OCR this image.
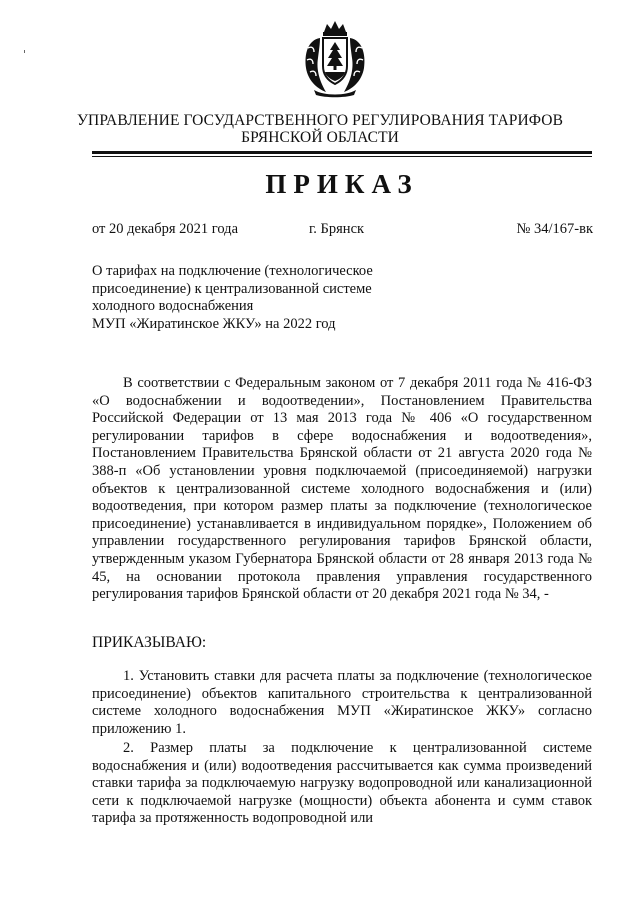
УПРАВЛЕНИЕ ГОСУДАРСТВЕННОГО РЕГУЛИРОВАНИЯ ТАРИФОВ
БРЯНСКОЙ ОБЛАСТИ
ПРИКАЗ
от 20 декабря 2021 года	г. Брянск	№ 34/167-вк
О тарифах на подключение (технологическое
присоединение) к централизованной системе
холодного водоснабжения
МУП «Жиратинское ЖКУ» на 2022 год
В соответствии с Федеральным законом от 7 декабря 2011 года № 416-ФЗ «О водоснабжении и водоотведении», Постановлением Правительства Российской Федерации от 13 мая 2013 года № 406 «О государственном регулировании тарифов в сфере водоснабжения и водоотведения», Постановлением Правительства Брянской области от 21 августа 2020 года № 388-п «Об установлении уровня подключаемой (присоединяемой) нагрузки объектов к централизованной системе холодного водоснабжения и (или) водоотведения, при котором размер платы за подключение (технологическое присоединение) устанавливается в индивидуальном порядке», Положением об управлении государственного регулирования тарифов Брянской области, утвержденным указом Губернатора Брянской области от 28 января 2013 года № 45, на основании протокола правления управления государственного регулирования тарифов Брянской области от 20 декабря 2021 года № 34, -
ПРИКАЗЫВАЮ:
1. Установить ставки для расчета платы за подключение (технологическое присоединение) объектов капитального строительства к централизованной системе холодного водоснабжения МУП «Жиратинское ЖКУ» согласно приложению 1.
2. Размер платы за подключение к централизованной системе водоснабжения и (или) водоотведения рассчитывается как сумма произведений ставки тарифа за подключаемую нагрузку водопроводной или канализационной сети к подключаемой нагрузке (мощности) объекта абонента и сумм ставок тарифа за протяженность водопроводной или
